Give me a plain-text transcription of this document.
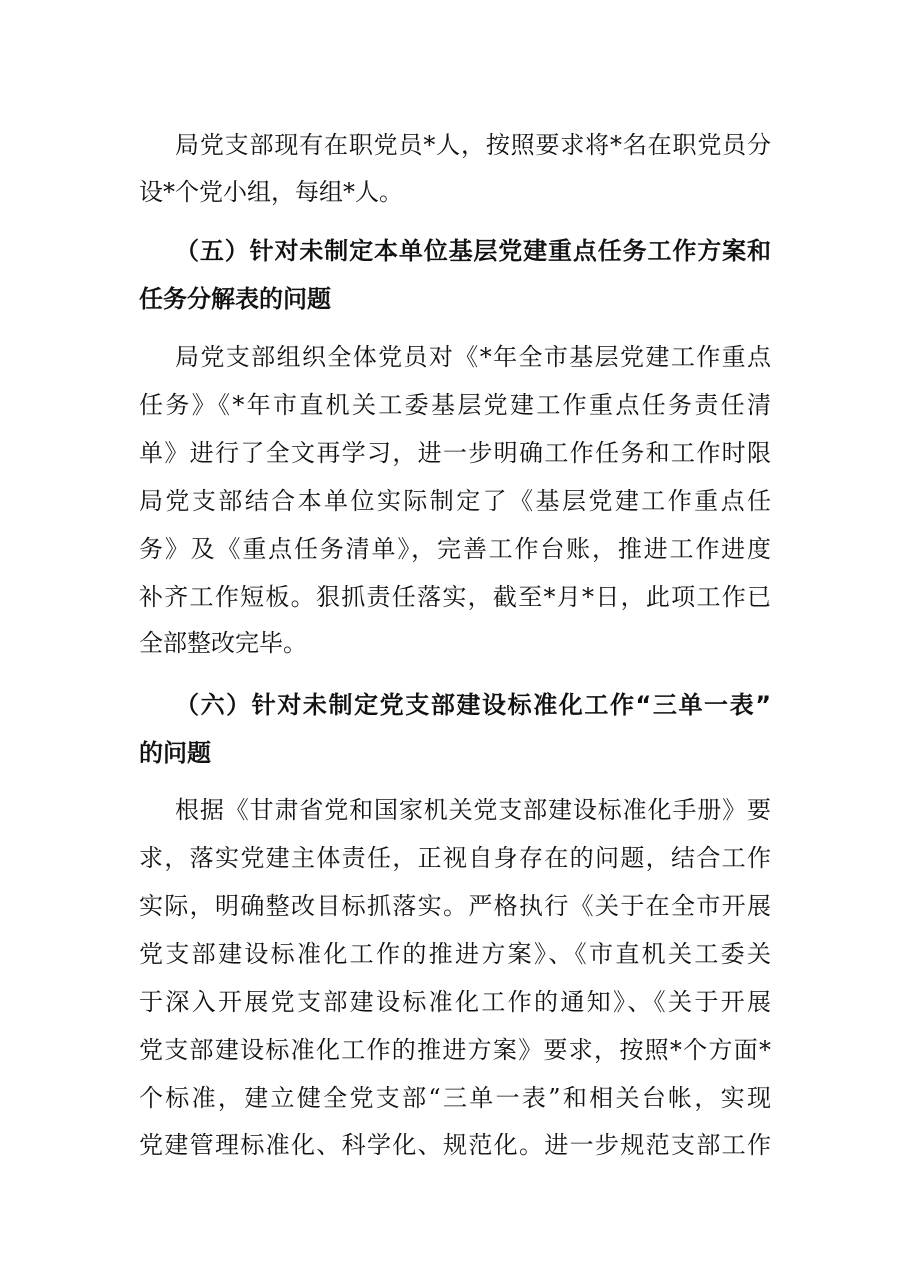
局党支部现有在职党员*人，按照要求将*名在职党员分
设*个党小组，每组*人。
（五）针对未制定本单位基层党建重点任务工作方案和
任务分解表的问题
局党支部组织全体党员对《*年全市基层党建工作重点
任务》《*年市直机关工委基层党建工作重点任务责任清
单》进行了全文再学习，进一步明确工作任务和工作时限
局党支部结合本单位实际制定了《基层党建工作重点任
务》及《重点任务清单》，完善工作台账，推进工作进度
补齐工作短板。狠抓责任落实，截至*月*日，此项工作已
全部整改完毕。
（六）针对未制定党支部建设标准化工作“三单一表”
的问题
根据《甘肃省党和国家机关党支部建设标准化手册》要
求，落实党建主体责任，正视自身存在的问题，结合工作
实际，明确整改目标抓落实。严格执行《关于在全市开展
党支部建设标准化工作的推进方案》、《市直机关工委关
于深入开展党支部建设标准化工作的通知》、《关于开展
党支部建设标准化工作的推进方案》要求，按照*个方面*
个标准，建立健全党支部“三单一表”和相关台帐，实现
党建管理标准化、科学化、规范化。进一步规范支部工作
